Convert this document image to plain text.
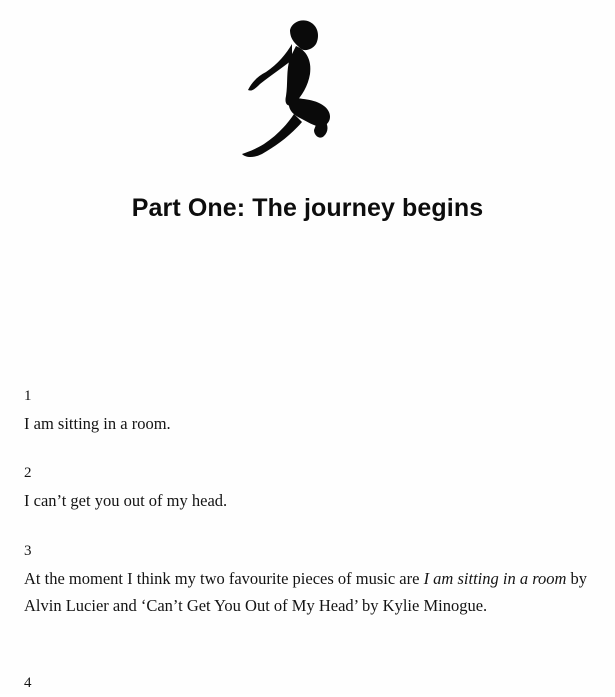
Part One: The journey begins
1
I am sitting in a room.
2
I can’t get you out of my head.
3
At the moment I think my two favourite pieces of music are I am sitting in a room by Alvin Lucier and ‘Can’t Get You Out of My Head’ by Kylie Minogue.
4
